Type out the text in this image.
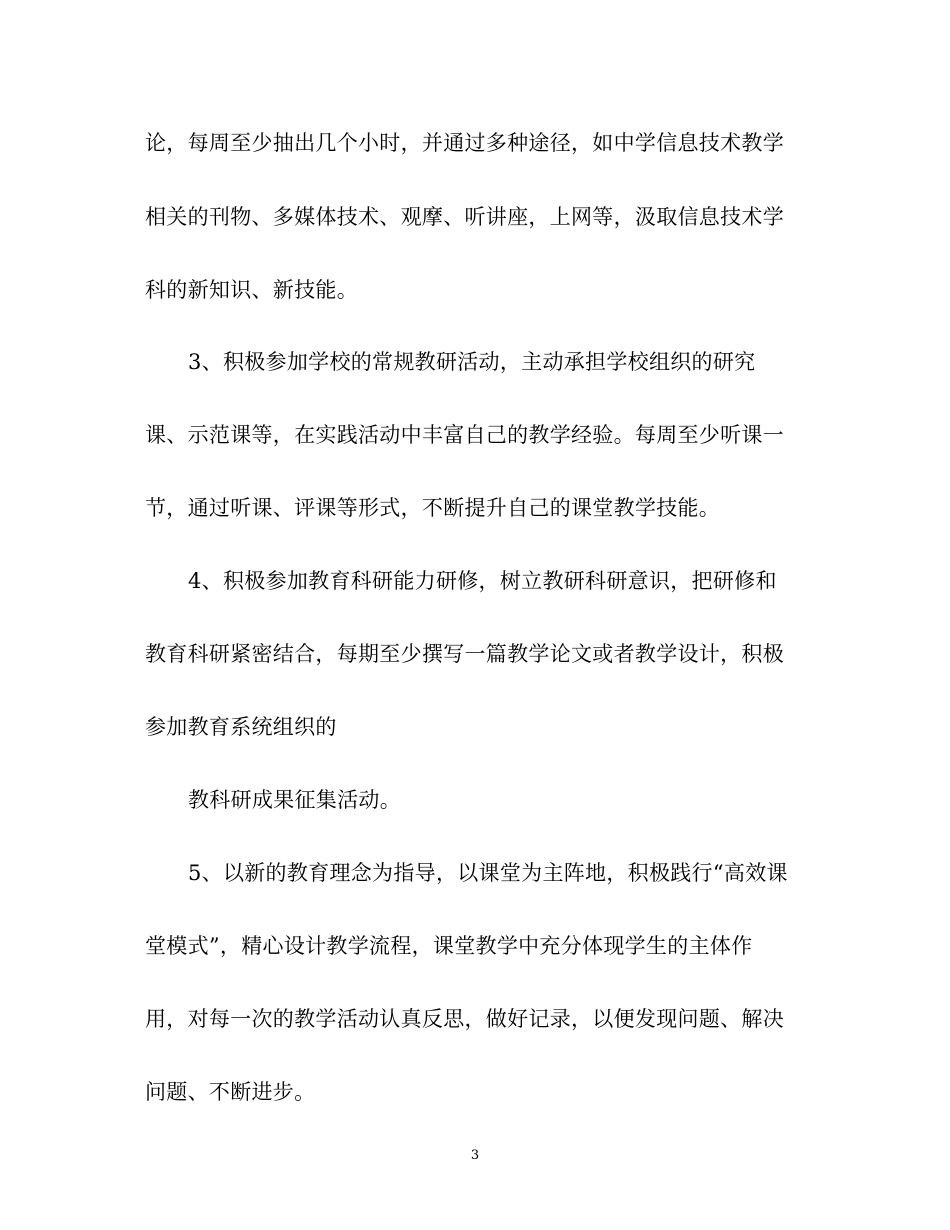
论，每周至少抽出几个小时，并通过多种途径，如中学信息技术教学
相关的刊物、多媒体技术、观摩、听讲座，上网等，汲取信息技术学
科的新知识、新技能。
3、积极参加学校的常规教研活动，主动承担学校组织的研究
课、示范课等，在实践活动中丰富自己的教学经验。每周至少听课一
节，通过听课、评课等形式，不断提升自己的课堂教学技能。
4、积极参加教育科研能力研修，树立教研科研意识，把研修和
教育科研紧密结合，每期至少撰写一篇教学论文或者教学设计，积极
参加教育系统组织的
教科研成果征集活动。
5、以新的教育理念为指导，以课堂为主阵地，积极践行“高效课
堂模式”，精心设计教学流程，课堂教学中充分体现学生的主体作
用，对每一次的教学活动认真反思，做好记录，以便发现问题、解决
问题、不断进步。
3
